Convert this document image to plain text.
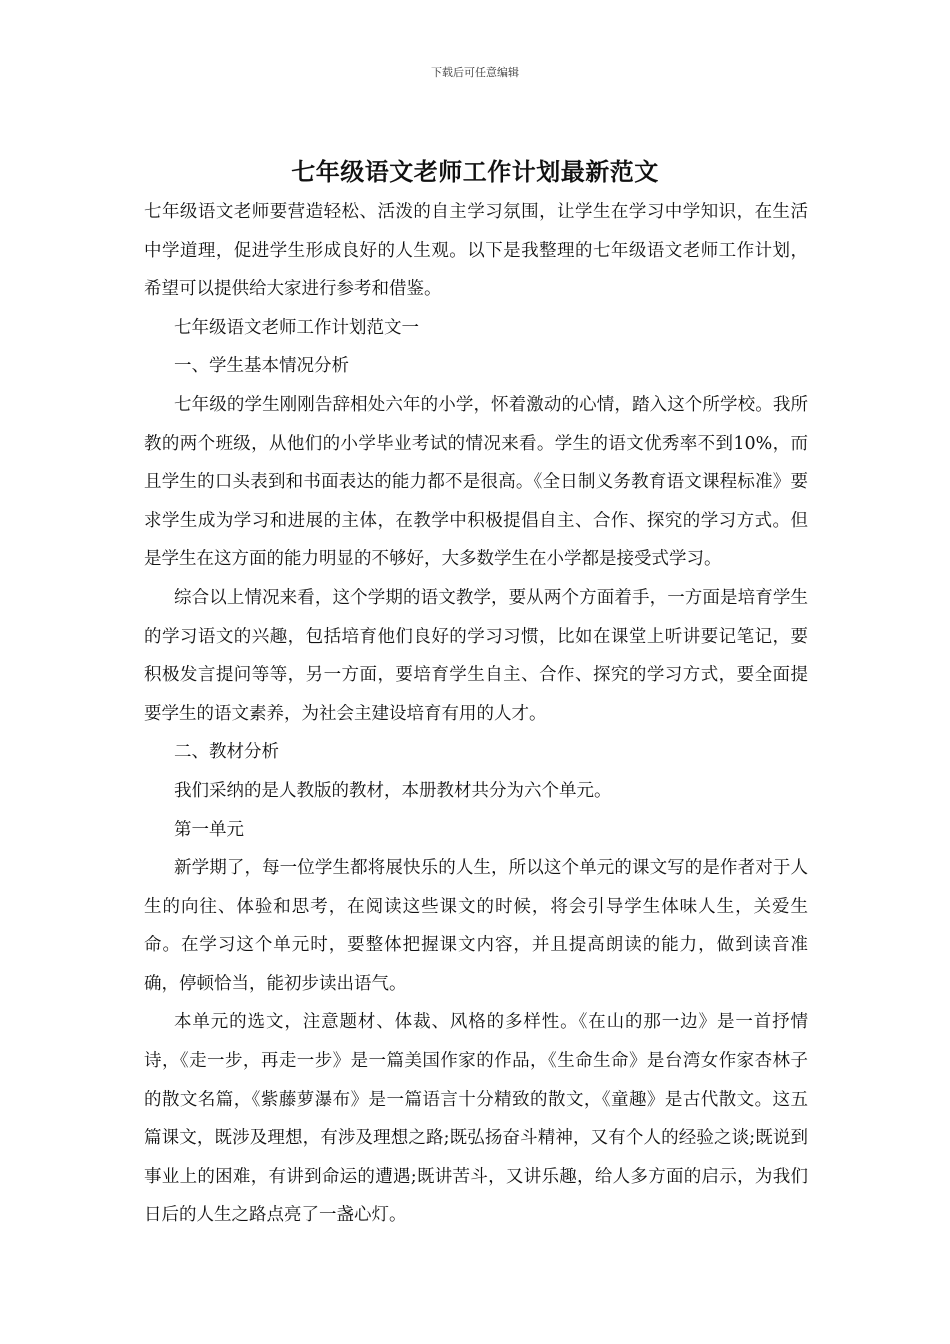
下载后可任意编辑
七年级语文老师工作计划最新范文

七年级语文老师要营造轻松、活泼的自主学习氛围，让学生在学习中学知识，在生活中学道理，促进学生形成良好的人生观。以下是我整理的七年级语文老师工作计划，希望可以提供给大家进行参考和借鉴。

七年级语文老师工作计划范文一

一、学生基本情况分析

七年级的学生刚刚告辞相处六年的小学，怀着激动的心情，踏入这个所学校。我所教的两个班级，从他们的小学毕业考试的情况来看。学生的语文优秀率不到10%，而且学生的口头表到和书面表达的能力都不是很高。《全日制义务教育语文课程标准》要求学生成为学习和进展的主体，在教学中积极提倡自主、合作、探究的学习方式。但是学生在这方面的能力明显的不够好，大多数学生在小学都是接受式学习。

综合以上情况来看，这个学期的语文教学，要从两个方面着手，一方面是培育学生的学习语文的兴趣，包括培育他们良好的学习习惯，比如在课堂上听讲要记笔记，要积极发言提问等等，另一方面，要培育学生自主、合作、探究的学习方式，要全面提要学生的语文素养，为社会主建设培育有用的人才。

二、教材分析

我们采纳的是人教版的教材，本册教材共分为六个单元。

第一单元

新学期了，每一位学生都将展快乐的人生，所以这个单元的课文写的是作者对于人生的向往、体验和思考，在阅读这些课文的时候，将会引导学生体味人生，关爱生命。在学习这个单元时，要整体把握课文内容，并且提高朗读的能力，做到读音准确，停顿恰当，能初步读出语气。

本单元的选文，注意题材、体裁、风格的多样性。《在山的那一边》是一首抒情诗，《走一步，再走一步》是一篇美国作家的作品，《生命生命》是台湾女作家杏林子的散文名篇，《紫藤萝瀑布》是一篇语言十分精致的散文，《童趣》是古代散文。这五篇课文，既涉及理想，有涉及理想之路;既弘扬奋斗精神，又有个人的经验之谈;既说到事业上的困难，有讲到命运的遭遇;既讲苦斗，又讲乐趣，给人多方面的启示，为我们日后的人生之路点亮了一盏心灯。
